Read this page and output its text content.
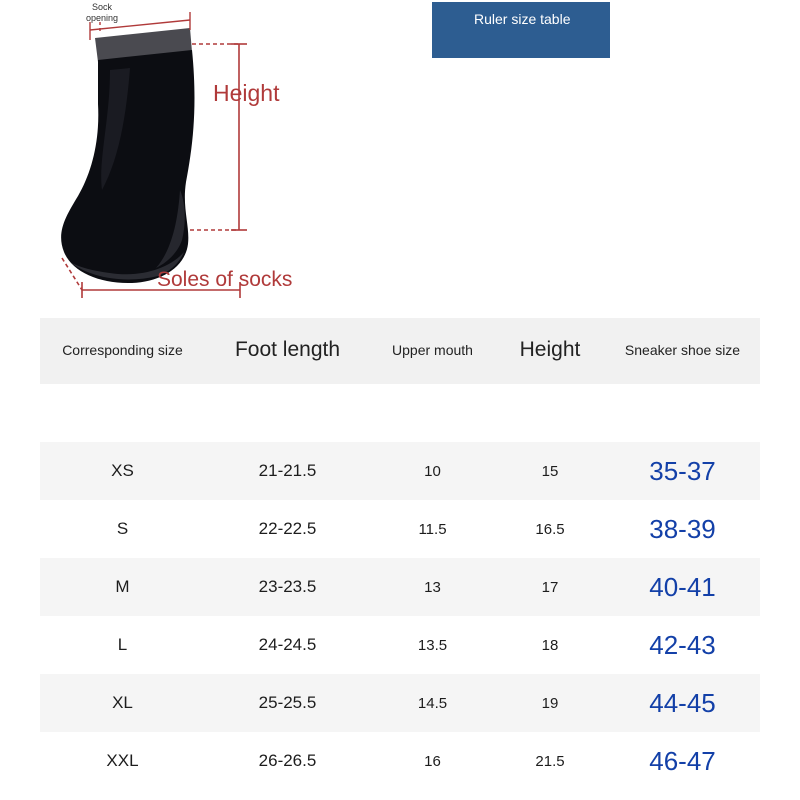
Sock opening
Height
Soles of socks
Ruler size table
Corresponding size	Foot length	Upper mouth	Height	Sneaker shoe size

XS	21-21.5	10	15	35-37
S	22-22.5	11.5	16.5	38-39
M	23-23.5	13	17	40-41
L	24-24.5	13.5	18	42-43
XL	25-25.5	14.5	19	44-45
XXL	26-26.5	16	21.5	46-47
